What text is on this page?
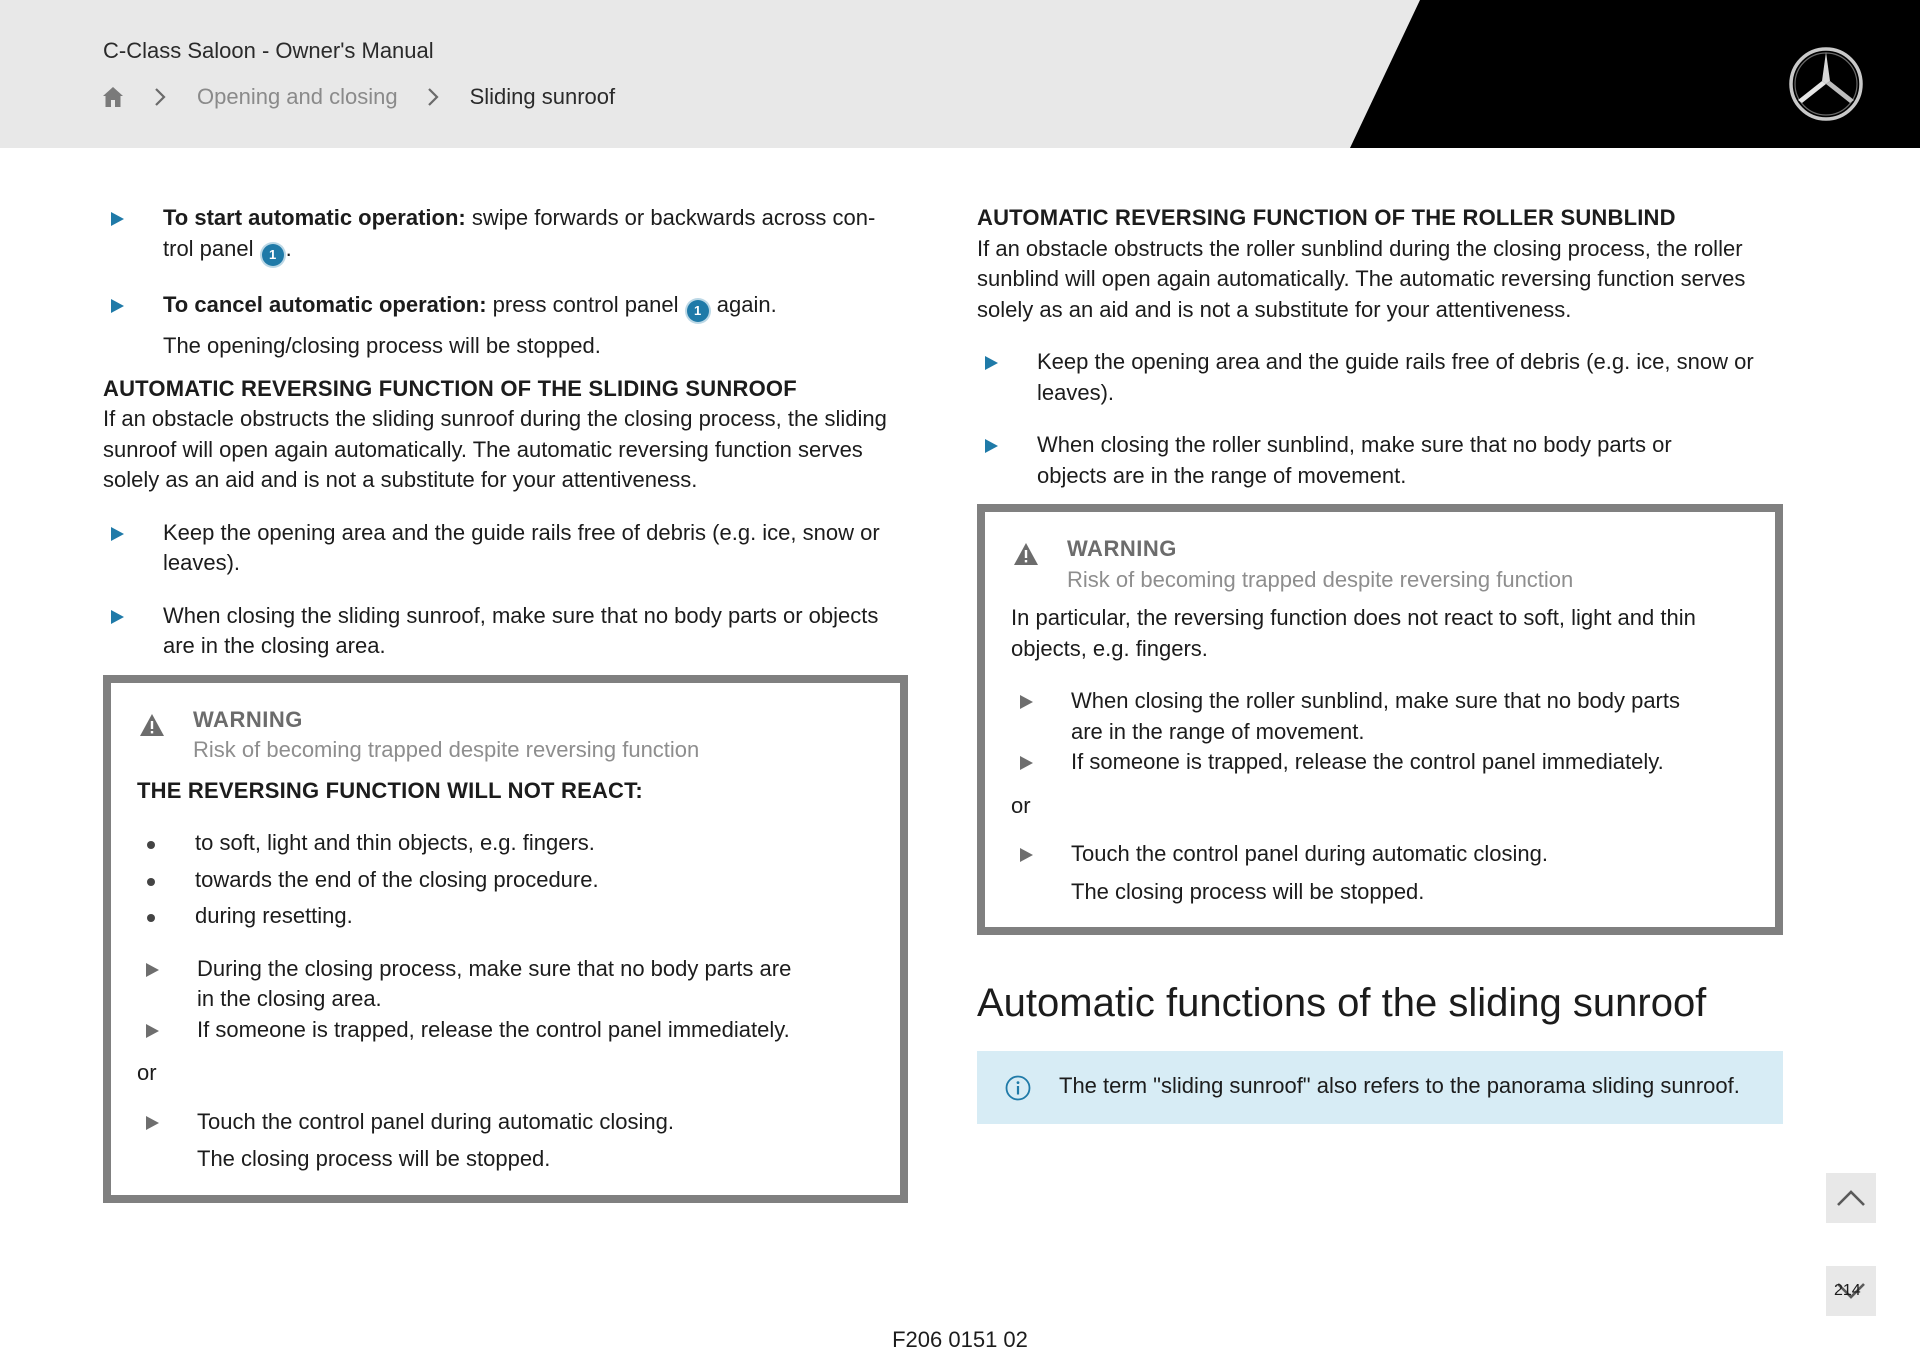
C-Class Saloon - Owner's Manual
Opening and closing	Sliding sunroof
To start automatic operation: swipe forwards or backwards across con-
trol panel 1 .
To cancel automatic operation: press control panel 1 again.
The opening/closing process will be stopped.
AUTOMATIC REVERSING FUNCTION OF THE SLIDING SUNROOF
If an obstacle obstructs the sliding sunroof during the closing process, the sliding sunroof will open again automatically. The automatic reversing function serves solely as an aid and is not a substitute for your attentiveness.
Keep the opening area and the guide rails free of debris (e.g. ice, snow or leaves).
When closing the sliding sunroof, make sure that no body parts or objects are in the closing area.
WARNING
Risk of becoming trapped despite reversing function
THE REVERSING FUNCTION WILL NOT REACT:
to soft, light and thin objects, e.g. fingers.
towards the end of the closing procedure.
during resetting.
During the closing process, make sure that no body parts are in the closing area.
If someone is trapped, release the control panel immediately.
or
Touch the control panel during automatic closing.
The closing process will be stopped.
AUTOMATIC REVERSING FUNCTION OF THE ROLLER SUNBLIND
If an obstacle obstructs the roller sunblind during the closing process, the roller sunblind will open again automatically. The automatic reversing function serves solely as an aid and is not a substitute for your attentiveness.
Keep the opening area and the guide rails free of debris (e.g. ice, snow or leaves).
When closing the roller sunblind, make sure that no body parts or objects are in the range of movement.
WARNING
Risk of becoming trapped despite reversing function
In particular, the reversing function does not react to soft, light and thin objects, e.g. fingers.
When closing the roller sunblind, make sure that no body parts are in the range of movement.
If someone is trapped, release the control panel immediately.
or
Touch the control panel during automatic closing.
The closing process will be stopped.
Automatic functions of the sliding sunroof
The term "sliding sunroof" also refers to the panorama sliding sunroof.
214
F206 0151 02
